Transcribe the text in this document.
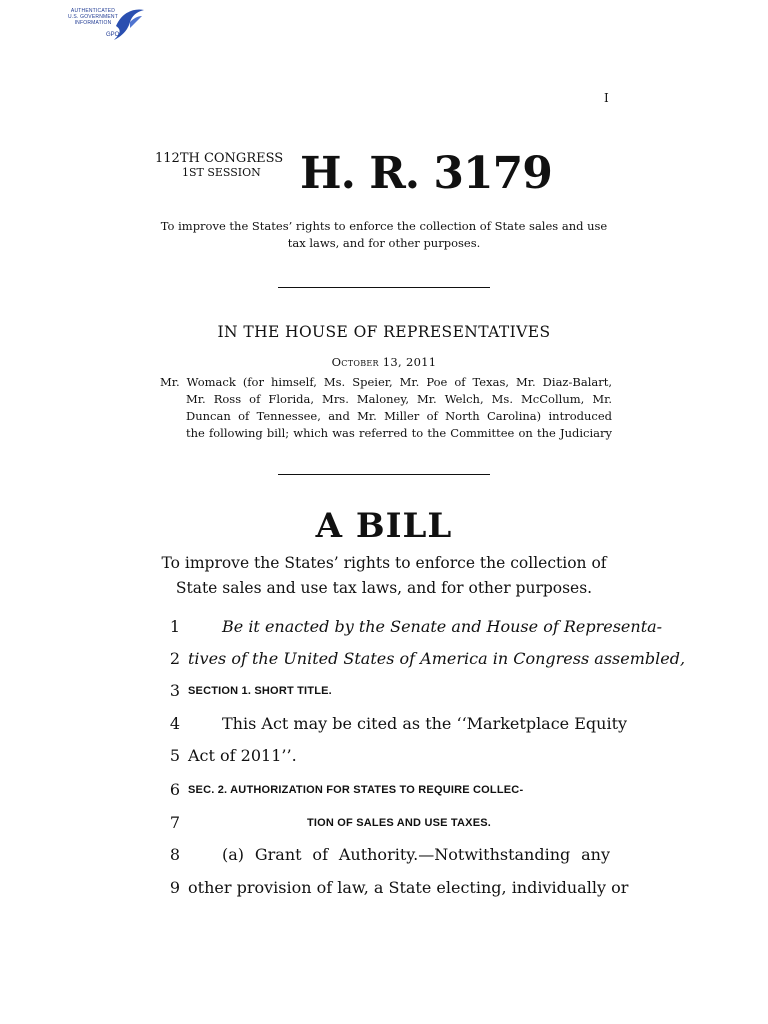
AUTHENTICATED
U.S. GOVERNMENT
INFORMATION
GPO
I
112TH CONGRESS
1ST SESSION H. R. 3179
To improve the States’ rights to enforce the collection of State sales and use tax laws, and for other purposes.
IN THE HOUSE OF REPRESENTATIVES
October 13, 2011
Mr. Womack (for himself, Ms. Speier, Mr. Poe of Texas, Mr. Diaz-Balart,
Mr. Ross of Florida, Mrs. Maloney, Mr. Welch, Ms. McCollum, Mr.
Duncan of Tennessee, and Mr. Miller of North Carolina) introduced
the following bill; which was referred to the Committee on the Judiciary
A BILL
To improve the States’ rights to enforce the collection of
State sales and use tax laws, and for other purposes.
1	Be it enacted by the Senate and House of Representa-
2 tives of the United States of America in Congress assembled,
3 SECTION 1. SHORT TITLE.
4	This Act may be cited as the ‘‘Marketplace Equity
5 Act of 2011’’.
6 SEC. 2. AUTHORIZATION FOR STATES TO REQUIRE COLLEC-
7	TION OF SALES AND USE TAXES.
8	(a) Grant of Authority.—Notwithstanding any
9 other provision of law, a State electing, individually or
